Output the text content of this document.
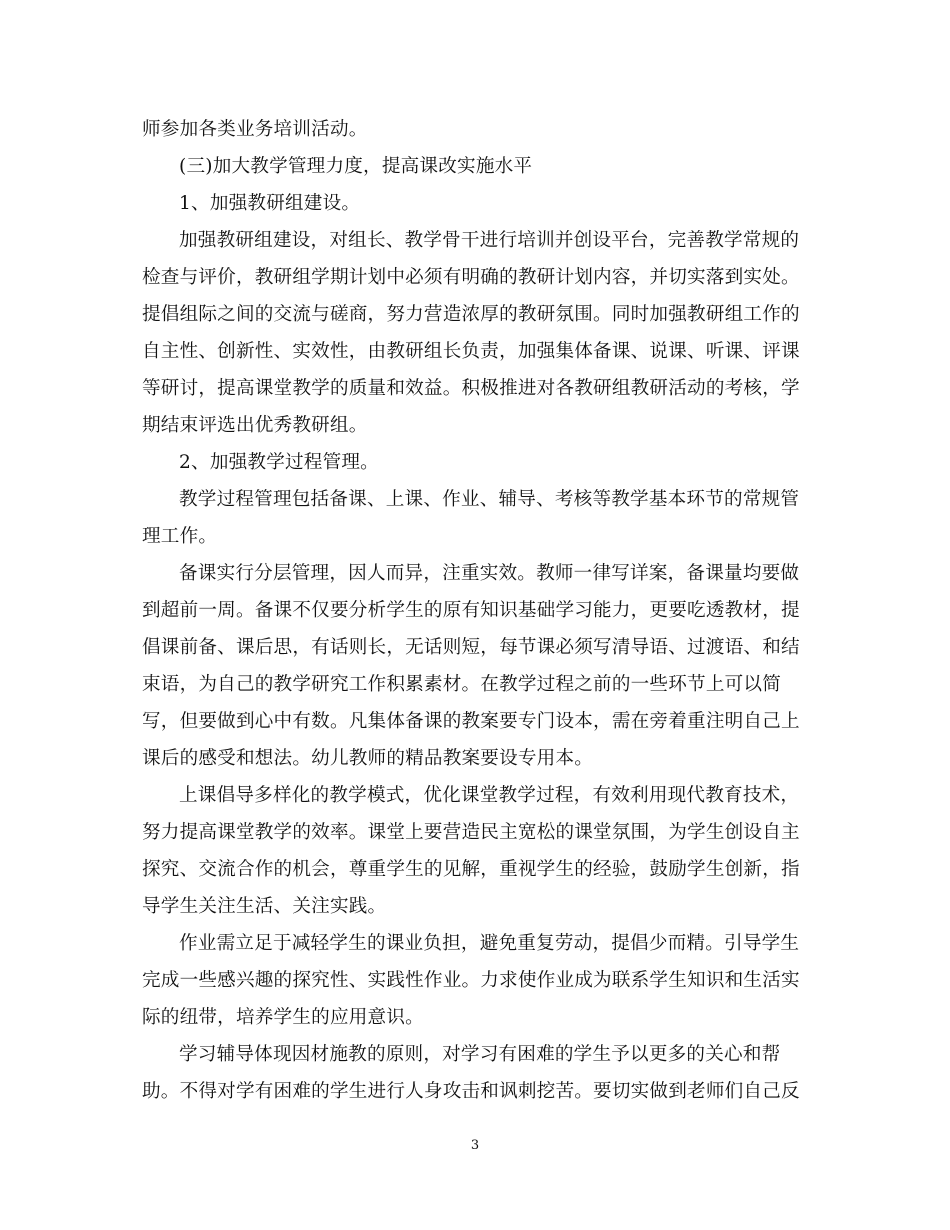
师参加各类业务培训活动。
(三)加大教学管理力度，提高课改实施水平
1、加强教研组建设。
加强教研组建设，对组长、教学骨干进行培训并创设平台，完善教学常规的
检查与评价，教研组学期计划中必须有明确的教研计划内容，并切实落到实处。
提倡组际之间的交流与磋商，努力营造浓厚的教研氛围。同时加强教研组工作的
自主性、创新性、实效性，由教研组长负责，加强集体备课、说课、听课、评课
等研讨，提高课堂教学的质量和效益。积极推进对各教研组教研活动的考核，学
期结束评选出优秀教研组。
2、加强教学过程管理。
教学过程管理包括备课、上课、作业、辅导、考核等教学基本环节的常规管
理工作。
备课实行分层管理，因人而异，注重实效。教师一律写详案，备课量均要做
到超前一周。备课不仅要分析学生的原有知识基础学习能力，更要吃透教材，提
倡课前备、课后思，有话则长，无话则短，每节课必须写清导语、过渡语、和结
束语，为自己的教学研究工作积累素材。在教学过程之前的一些环节上可以简
写，但要做到心中有数。凡集体备课的教案要专门设本，需在旁着重注明自己上
课后的感受和想法。幼儿教师的精品教案要设专用本。
上课倡导多样化的教学模式，优化课堂教学过程，有效利用现代教育技术，
努力提高课堂教学的效率。课堂上要营造民主宽松的课堂氛围，为学生创设自主
探究、交流合作的机会，尊重学生的见解，重视学生的经验，鼓励学生创新，指
导学生关注生活、关注实践。
作业需立足于减轻学生的课业负担，避免重复劳动，提倡少而精。引导学生
完成一些感兴趣的探究性、实践性作业。力求使作业成为联系学生知识和生活实
际的纽带，培养学生的应用意识。
学习辅导体现因材施教的原则，对学习有困难的学生予以更多的关心和帮
助。不得对学有困难的学生进行人身攻击和讽刺挖苦。要切实做到老师们自己反
3
